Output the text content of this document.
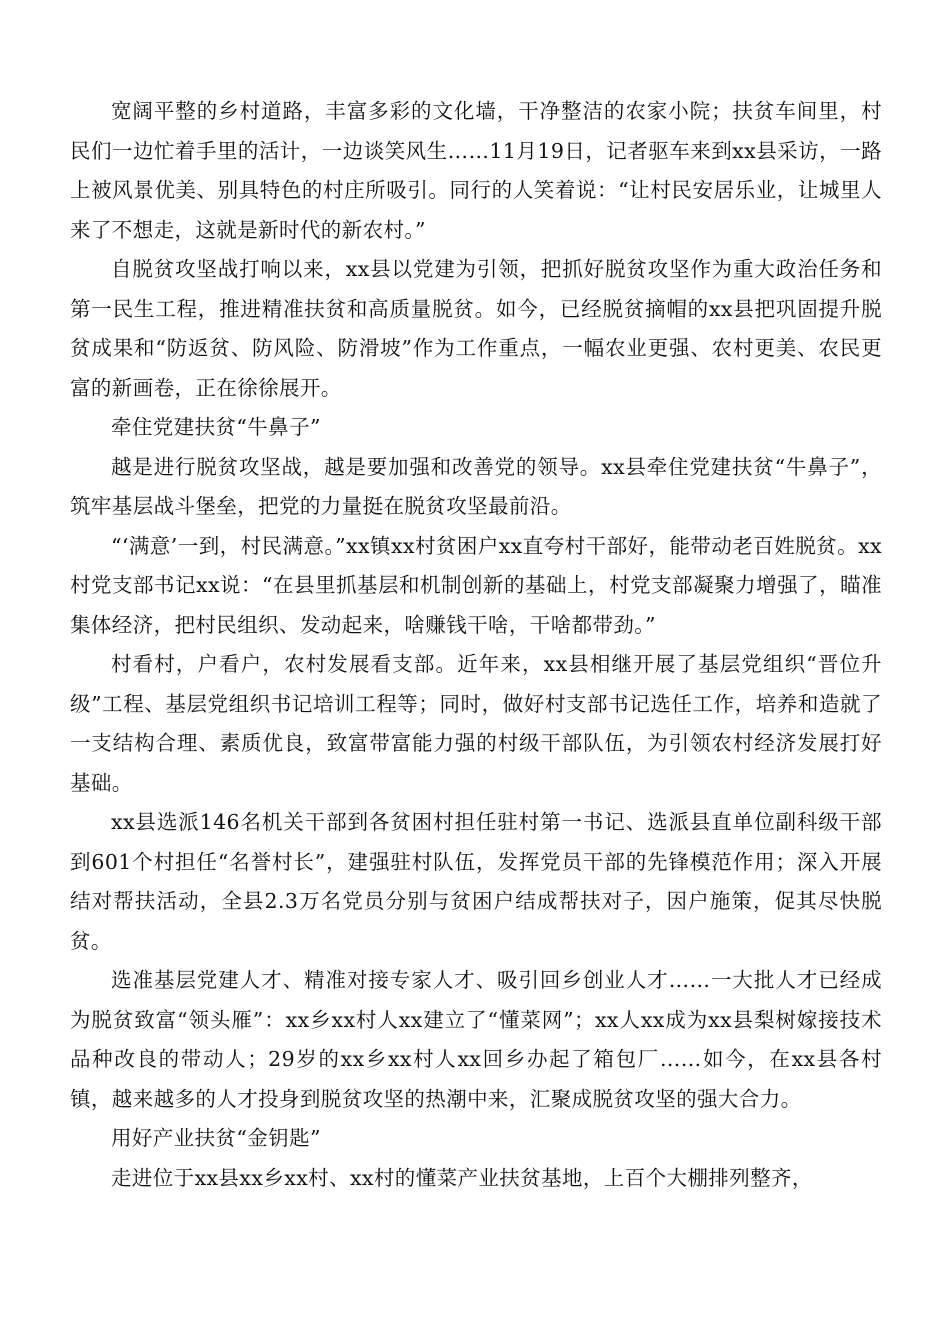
宽阔平整的乡村道路，丰富多彩的文化墙，干净整洁的农家小院；扶贫车间里，村民们一边忙着手里的活计，一边谈笑风生……11月19日，记者驱车来到xx县采访，一路上被风景优美、别具特色的村庄所吸引。同行的人笑着说：“让村民安居乐业，让城里人来了不想走，这就是新时代的新农村。”

自脱贫攻坚战打响以来，xx县以党建为引领，把抓好脱贫攻坚作为重大政治任务和第一民生工程，推进精准扶贫和高质量脱贫。如今，已经脱贫摘帽的xx县把巩固提升脱贫成果和“防返贫、防风险、防滑坡”作为工作重点，一幅农业更强、农村更美、农民更富的新画卷，正在徐徐展开。

牵住党建扶贫“牛鼻子”

越是进行脱贫攻坚战，越是要加强和改善党的领导。xx县牵住党建扶贫“牛鼻子”，筑牢基层战斗堡垒，把党的力量挺在脱贫攻坚最前沿。

“‘满意’一到，村民满意。”xx镇xx村贫困户xx直夸村干部好，能带动老百姓脱贫。xx村党支部书记xx说：“在县里抓基层和机制创新的基础上，村党支部凝聚力增强了，瞄准集体经济，把村民组织、发动起来，啥赚钱干啥，干啥都带劲。”

村看村，户看户，农村发展看支部。近年来，xx县相继开展了基层党组织“晋位升级”工程、基层党组织书记培训工程等；同时，做好村支部书记选任工作，培养和造就了一支结构合理、素质优良，致富带富能力强的村级干部队伍，为引领农村经济发展打好基础。

xx县选派146名机关干部到各贫困村担任驻村第一书记、选派县直单位副科级干部到601个村担任“名誉村长”，建强驻村队伍，发挥党员干部的先锋模范作用；深入开展结对帮扶活动，全县2.3万名党员分别与贫困户结成帮扶对子，因户施策，促其尽快脱贫。

选准基层党建人才、精准对接专家人才、吸引回乡创业人才……一大批人才已经成为脱贫致富“领头雁”：xx乡xx村人xx建立了“懂菜网”；xx人xx成为xx县梨树嫁接技术品种改良的带动人；29岁的xx乡xx村人xx回乡办起了箱包厂……如今，在xx县各村镇，越来越多的人才投身到脱贫攻坚的热潮中来，汇聚成脱贫攻坚的强大合力。

用好产业扶贫“金钥匙”

走进位于xx县xx乡xx村、xx村的懂菜产业扶贫基地，上百个大棚排列整齐，
